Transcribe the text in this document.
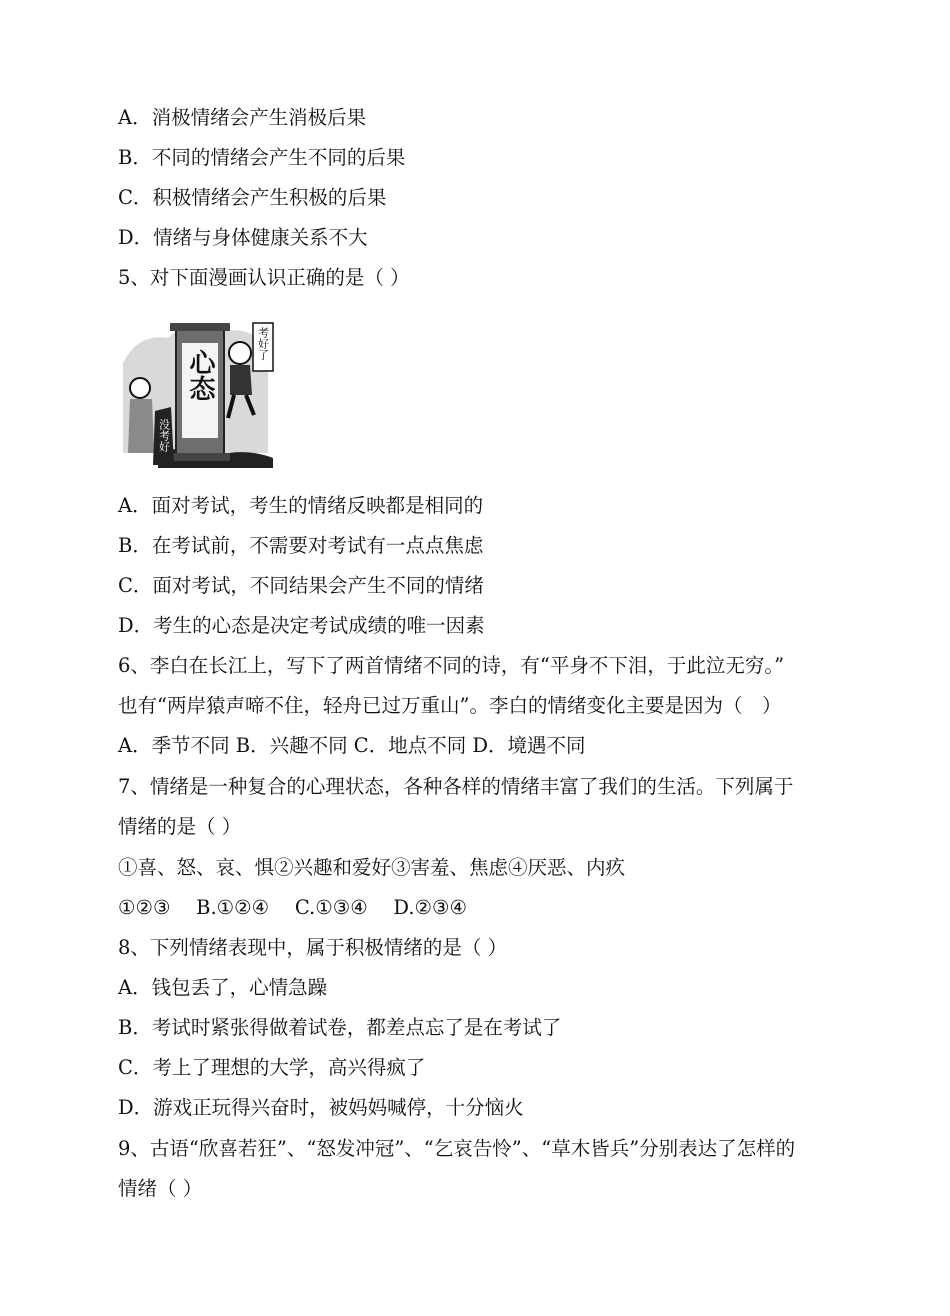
A．消极情绪会产生消极后果
B．不同的情绪会产生不同的后果
C．积极情绪会产生积极的后果
D．情绪与身体健康关系不大
5、对下面漫画认识正确的是（ ）
心态
考好了
没考好
A．面对考试，考生的情绪反映都是相同的
B．在考试前，不需要对考试有一点点焦虑
C．面对考试，不同结果会产生不同的情绪
D．考生的心态是决定考试成绩的唯一因素
6、李白在长江上，写下了两首情绪不同的诗，有“平身不下泪，于此泣无穷。”
也有“两岸猿声啼不住，轻舟已过万重山”。李白的情绪变化主要是因为（　）
A．季节不同 B．兴趣不同 C．地点不同 D．境遇不同
7、情绪是一种复合的心理状态，各种各样的情绪丰富了我们的生活。下列属于
情绪的是（ ）
①喜、怒、哀、惧②兴趣和爱好③害羞、焦虑④厌恶、内疚
①②③　 B.①②④　 C.①③④　 D.②③④
8、下列情绪表现中，属于积极情绪的是（ ）
A．钱包丢了，心情急躁
B．考试时紧张得做着试卷，都差点忘了是在考试了
C．考上了理想的大学，高兴得疯了
D．游戏正玩得兴奋时，被妈妈喊停，十分恼火
9、古语“欣喜若狂”、“怒发冲冠”、“乞哀告怜”、“草木皆兵”分别表达了怎样的
情绪（ ）
